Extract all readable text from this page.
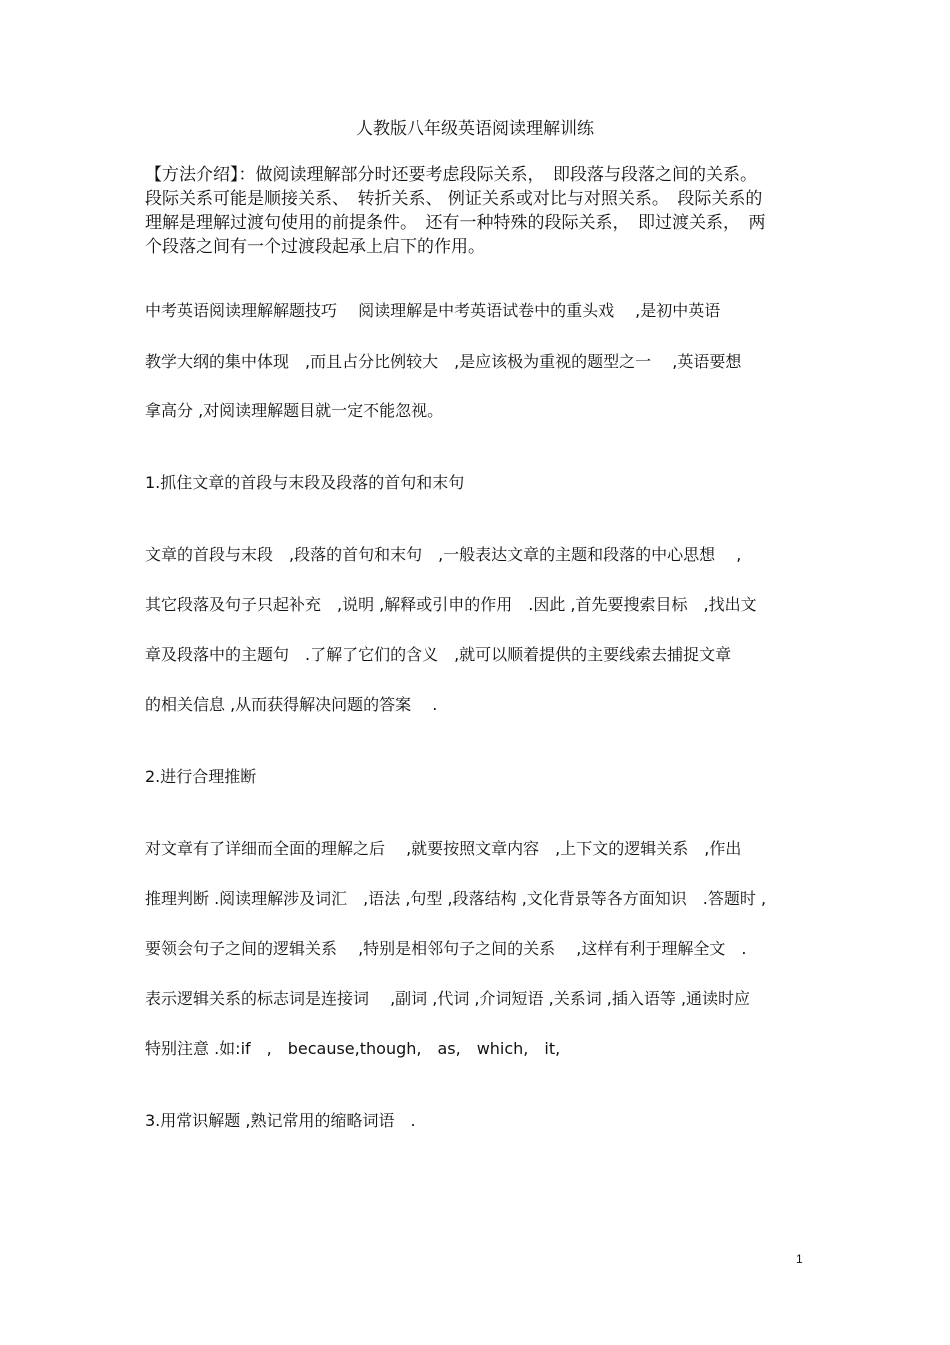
人教版八年级英语阅读理解训练
【方法介绍】：做阅读理解部分时还要考虑段际关系，　即段落与段落之间的关系。
段际关系可能是顺接关系、　转折关系、 例证关系或对比与对照关系。　段际关系的
理解是理解过渡句使用的前提条件。　还有一种特殊的段际关系，　即过渡关系，　两
个段落之间有一个过渡段起承上启下的作用。
中考英语阅读理解解题技巧　 阅读理解是中考英语试卷中的重头戏　 ,是初中英语
教学大纲的集中体现　,而且占分比例较大　,是应该极为重视的题型之一　 ,英语要想
拿高分 ,对阅读理解题目就一定不能忽视。
1.抓住文章的首段与末段及段落的首句和末句
文章的首段与末段　,段落的首句和末句　,一般表达文章的主题和段落的中心思想　 ,
其它段落及句子只起补充　,说明 ,解释或引申的作用　.因此 ,首先要搜索目标　,找出文
章及段落中的主题句　.了解了它们的含义　,就可以顺着提供的主要线索去捕捉文章
的相关信息 ,从而获得解决问题的答案　 .
2.进行合理推断
对文章有了详细而全面的理解之后　 ,就要按照文章内容　,上下文的逻辑关系　,作出
推理判断 .阅读理解涉及词汇　,语法 ,句型 ,段落结构 ,文化背景等各方面知识　.答题时 ,
要领会句子之间的逻辑关系　 ,特别是相邻句子之间的关系　 ,这样有利于理解全文　.
表示逻辑关系的标志词是连接词　 ,副词 ,代词 ,介词短语 ,关系词 ,插入语等 ,通读时应
特别注意 .如:if　,　because,though,　as,　which,　it,
3.用常识解题 ,熟记常用的缩略词语　.
1
